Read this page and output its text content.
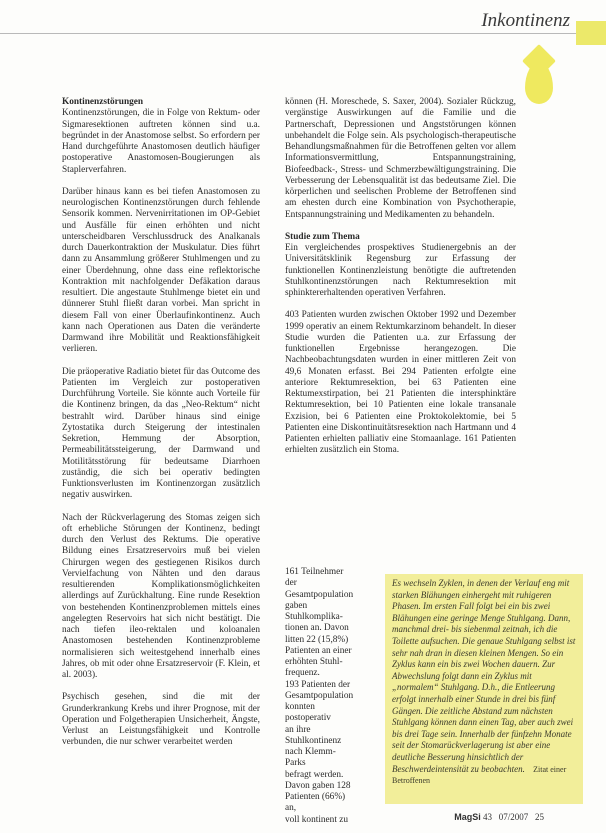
Inkontinenz
Kontinenzstörungen

Kontinenzstörungen, die in Folge von Rektum- oder Sigmaresektionen auftreten können sind u.a. begründet in der Anastomose selbst. So erfordern per Hand durchgeführte Anastomosen deutlich häufiger postoperative Anastomosen-Bougierungen als Staplerverfahren.

Darüber hinaus kann es bei tiefen Anastomosen zu neurologischen Kontinenzstörungen durch fehlende Sensorik kommen. Nervenirritationen im OP-Gebiet und Ausfälle für einen erhöhten und nicht unterscheidbaren Verschlussdruck des Analkanals durch Dauerkontraktion der Muskulatur. Dies führt dann zu Ansammlung größerer Stuhlmengen und zu einer Überdehnung, ohne dass eine reflektorische Kontraktion mit nachfolgender Defäkation daraus resultiert. Die angestaute Stuhlmenge bietet ein und dünnerer Stuhl fließt daran vorbei. Man spricht in diesem Fall von einer Überlaufinkontinenz. Auch kann nach Operationen aus Daten die veränderte Darmwand ihre Mobilität und Reaktionsfähigkeit verlieren.

Die präoperative Radiatio bietet für das Outcome des Patienten im Vergleich zur postoperativen Durchführung Vorteile. Sie könnte auch Vorteile für die Kontinenz bringen, da das „Neo-Rektum“ nicht bestrahlt wird. Darüber hinaus sind einige Zytostatika durch Steigerung der intestinalen Sekretion, Hemmung der Absorption, Permeabilitätssteigerung, der Darmwand und Motilitätsstörung für bedeutsame Diarrhoen zuständig, die sich bei operativ bedingten Funktionsverlusten im Kontinenzorgan zusätzlich negativ auswirken.

Nach der Rückverlagerung des Stomas zeigen sich oft erhebliche Störungen der Kontinenz, bedingt durch den Verlust des Rektums. Die operative Bildung eines Ersatzreservoirs muß bei vielen Chirurgen wegen des gestiegenen Risikos durch Vervielfachung von Nähten und den daraus resultierenden Komplikationsmöglichkeiten allerdings auf Zurückhaltung. Eine runde Resektion von bestehenden Kontinenzproblemen mittels eines angelegten Reservoirs hat sich nicht bestätigt. Die nach tiefen ileo-rektalen und koloanalen Anastomosen bestehenden Kontinenzprobleme normalisieren sich weitestgehend innerhalb eines Jahres, ob mit oder ohne Ersatzreservoir (F. Klein, et al. 2003).

Psychisch gesehen, sind die mit der Grunderkrankung Krebs und ihrer Prognose, mit der Operation und Folgetherapien Unsicherheit, Ängste, Verlust an Leistungsfähigkeit und Kontrolle verbunden, die nur schwer verarbeitet werden

können (H. Moreschede, S. Saxer, 2004). Sozialer Rückzug, vergänstige Auswirkungen auf die Familie und die Partnerschaft, Depressionen und Angststörungen können unbehandelt die Folge sein. Als psychologisch-therapeutische Behandlungsmaßnahmen für die Betroffenen gelten vor allem Informationsvermittlung, Entspannungstraining, Biofeedback-, Stress- und Schmerzbewältigungstraining. Die Verbesserung der Lebensqualität ist das bedeutsame Ziel. Die körperlichen und seelischen Probleme der Betroffenen sind am ehesten durch eine Kombination von Psychotherapie, Entspannungstraining und Medikamenten zu behandeln.

Studie zum Thema

Ein vergleichendes prospektives Studienergebnis an der Universitätsklinik Regensburg zur Erfassung der funktionellen Kontinenzleistung benötigte die auftretenden Stuhlkontinenzstörungen nach Rektumresektion mit sphinktererhaltenden operativen Verfahren.

403 Patienten wurden zwischen Oktober 1992 und Dezember 1999 operativ an einem Rektumkarzinom behandelt. In dieser Studie wurden die Patienten u.a. zur Erfassung der funktionellen Ergebnisse herangezogen. Die Nachbeobachtungsdaten wurden in einer mittleren Zeit von 49,6 Monaten erfasst. Bei 294 Patienten erfolgte eine anteriore Rektumresektion, bei 63 Patienten eine Rektumexstirpation, bei 21 Patienten die intersphinktäre Rektumresektion, bei 10 Patienten eine lokale transanale Exzision, bei 6 Patienten eine Proktokolektomie, bei 5 Patienten eine Diskontinuitätsresektion nach Hartmann und 4 Patienten erhielten palliativ eine Stomaanlage. 161 Patienten erhielten zusätzlich ein Stoma.

161 Teilnehmer der

Gesamtpopulation

gaben Stuhlkomplika-

tionen an. Davon

litten 22 (15,8%)

Patienten an einer

erhöhten Stuhl-

frequenz.

193 Patienten der

Gesamtpopulation

konnten postoperativ

an ihre Stuhlkontinenz

nach Klemm-Parks

befragt werden.

Davon gaben 128

Patienten (66%) an,

voll kontinent zu

Es wechseln Zyklen, in denen der Verlauf eng mit starken Blähungen einhergeht mit ruhigeren Phasen. Im ersten Fall folgt bei ein bis zwei Blähungen eine geringe Menge Stuhlgang. Dann, manchmal drei- bis siebenmal zeitnah, ich die Toilette aufsuchen. Die genaue Stuhlgang selbst ist sehr nah dran in diesen kleinen Mengen. So ein Zyklus kann ein bis zwei Wochen dauern. Zur Abwechslung folgt dann ein Zyklus mit „normalem“ Stuhlgang. D.h., die Entleerung erfolgt innerhalb einer Stunde in drei bis fünf Gängen. Die zeitliche Abstand zum nächsten Stuhlgang können dann einen Tag, aber auch zwei bis drei Tage sein. Innerhalb der fünfzehn Monate seit der Stomarückverlagerung ist aber eine deutliche Besserung hinsichtlich der Beschwerdeintensität zu beobachten. Zitat einer Betroffenen
MagSi 43 07/2007 25
